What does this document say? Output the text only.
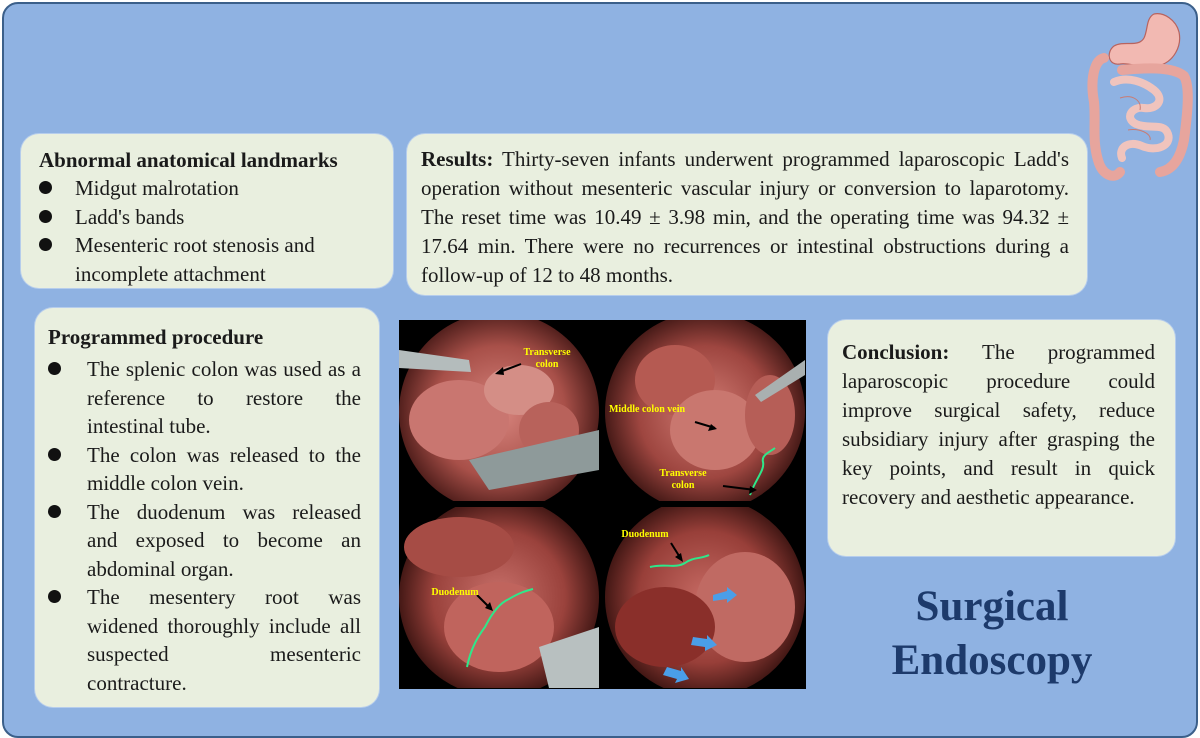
Abnormal anatomical landmarks
Midgut malrotation
Ladd's bands
Mesenteric root stenosis and incomplete attachment

Results: Thirty-seven infants underwent programmed laparoscopic Ladd's operation without mesenteric vascular injury or conversion to laparotomy. The reset time was 10.49 ± 3.98 min, and the operating time was 94.32 ± 17.64 min. There were no recurrences or intestinal obstructions during a follow-up of 12 to 48 months.

Programmed procedure
The splenic colon was used as a reference to restore the intestinal tube.
The colon was released to the middle colon vein.
The duodenum was released and exposed to become an abdominal organ.
The mesentery root was widened thoroughly include all suspected mesenteric contracture.
Transverse colon
Middle colon vein
Transverse colon
Duodenum
Duodenum

Conclusion: The programmed laparoscopic procedure could improve surgical safety, reduce subsidiary injury after grasping the key points, and result in quick recovery and aesthetic appearance.

Surgical
Endoscopy
